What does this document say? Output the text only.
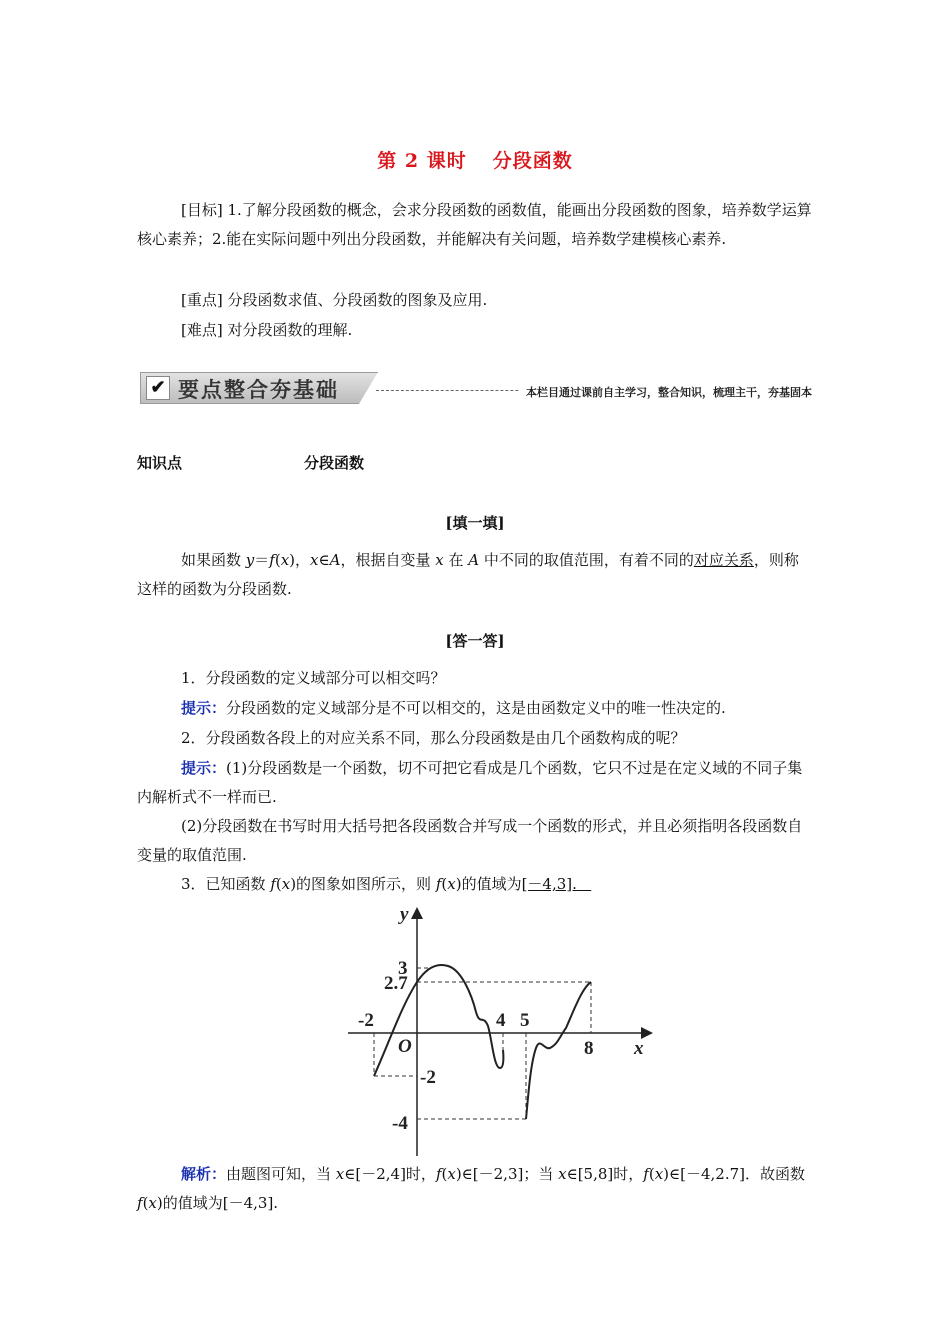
第 2 课时 分段函数
[目标] 1.了解分段函数的概念，会求分段函数的函数值，能画出分段函数的图象，培养数学运算核心素养；2.能在实际问题中列出分段函数，并能解决有关问题，培养数学建模核心素养.
[重点] 分段函数求值、分段函数的图象及应用.
[难点] 对分段函数的理解.
✔ 要点整合夯基础	本栏目通过课前自主学习，整合知识，梳理主干，夯基固本
知识点	分段函数
[填一填]
如果函数 y＝f(x)，x∈A，根据自变量 x 在 A 中不同的取值范围，有着不同的对应关系，则称这样的函数为分段函数.
[答一答]
1．分段函数的定义域部分可以相交吗？
提示：分段函数的定义域部分是不可以相交的，这是由函数定义中的唯一性决定的.
2．分段函数各段上的对应关系不同，那么分段函数是由几个函数构成的呢？
提示：(1)分段函数是一个函数，切不可把它看成是几个函数，它只不过是在定义域的不同子集内解析式不一样而已.
(2)分段函数在书写时用大括号把各段函数合并写成一个函数的形式，并且必须指明各段函数自变量的取值范围.
3．已知函数 f(x)的图象如图所示，则 f(x)的值域为[－4,3].
y
x
O
3
2.7
-2
-4
-2	4 5
8
解析：由题图可知，当 x∈[－2,4]时，f(x)∈[－2,3]；当 x∈[5,8]时，f(x)∈[－4,2.7]．故函数 f(x)的值域为[－4,3].
